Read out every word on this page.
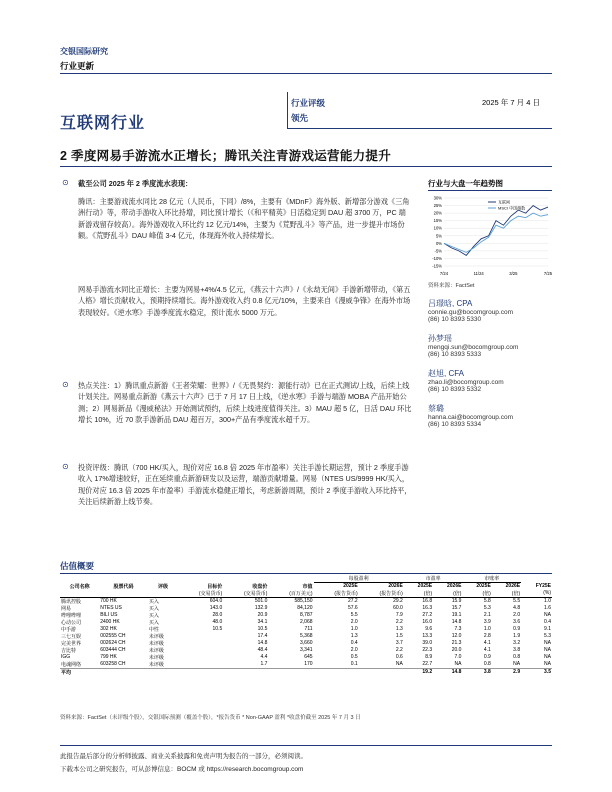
交银国际研究
行业更新
互联网行业
行业评级
领先
2025 年 7 月 4 日
2 季度网易手游流水正增长；腾讯关注青游戏运营能力提升
⊙ 截至公司 2025 年 2 季度流水表现：
腾讯：主要游戏流水同比 28 亿元（人民币，下同）/8%，主要有《MDnF》海外版、新增部分游戏《三角洲行动》等，带动手游收入环比持增，同比预计增长（《和平精英》日活稳定到 DAU 超 3700 万，PC 端新游戏留存较高）。海外游戏收入环比约 12 亿元/14%，主要为《荒野乱斗》等产品，进一步提升市场份额。《荒野乱斗》DAU 峰值 3-4 亿元，体现海外收入持续增长。
网易手游流水同比正增长：主要为网易+4%/4.5 亿元，《燕云十六声》/《永劫无间》手游新增带动，《第五人格》增长贡献收入，预期持续增长。海外游戏收入约 0.8 亿元/10%，主要来自《漫威争锋》在海外市场表现较好。《逆水寒》手游季度流水稳定，预计流水 5000 万元。
⊙ 热点关注：1）腾讯重点新游《王者荣耀：世界》/《无畏契约：源能行动》已在正式测试/上线，后续上线计划关注。网易重点新游《燕云十六声》已于 7 月 17 日上线，《逆水寒》手游与端游 MOBA 产品开始公测；2）网易新品《漫威秘法》开始测试预约，后续上线进度值得关注。3）MAU 超 5 亿，日活 DAU 环比增长 10%，近 70 款手游新品 DAU 超百万，300+产品有季度流水超千万。
⊙ 投资评级：腾讯（700 HK/买入，现价对应 16.8 倍 2025 年市盈率）关注手游长期运营，预计 2 季度手游收入 17%增速较好，正在延续重点新游研发以及运营，端游贡献增量。网易（NTES US/9999 HK/买入，现价对应 16.3 倍 2025 年市盈率）手游流水稳健正增长，考虑新游周期，预计 2 季度手游收入环比持平，关注后续新游上线节奏。
行业与大盘一年趋势图
30%
25%
20%
15%
10%
5%
0%
-5%
-10%
-15%
7/24	11/24	3/25	7/25
互联网
MSCI 中国指数
资料来源：FactSet
吕璟晗, CPA
connie.gu@bocomgroup.com
(86) 10 8393 5330
孙梦瑶
mengqi.sun@bocomgroup.com
(86) 10 8393 5333
赵旭, CFA
zhao.li@bocomgroup.com
(86) 10 8393 5332
蔡璐
hanna.cai@bocomgroup.com
(86) 10 8393 5334
估值概要
						每股盈利		市盈率		市账率		
公司名称	股票代码	评级	目标价	收盘价	市值	2025E	2026E	2025E	2026E	2025E	2026E	FY25E
			(交易货币)	(交易货币)	(百万美元)	(报告货币)	(报告货币)	(倍)	(倍)	(倍)	(倍)	(%)
腾讯控股	700 HK	买入	604.0	501.0	585,150	27.2	29.2	16.8	15.9	5.8	5.5	1.0
网易	NTES US	买入	143.0	132.9	84,120	57.6	60.0	16.3	15.7	5.3	4.8	1.6
哔哩哔哩	BILI US	买入	28.0	20.9	8,787	5.5	7.9	27.2	19.1	2.1	2.0	NA
心动公司	2400 HK	买入	48.0	34.1	2,068	2.0	2.2	16.0	14.8	3.9	3.6	0.4
中手游	302 HK	中性	10.5	10.5	711	1.0	1.3	9.6	7.3	1.0	0.9	9.1
三七互娱	002555 CH	未评级		17.4	5,368	1.3	1.5	13.3	12.0	2.8	1.9	5.3
完美世界	002624 CH	未评级		14.8	3,660	0.4	3.7	39.0	21.3	4.1	3.2	NA
吉比特	603444 CH	未评级		48.4	3,341	2.0	2.2	22.3	20.0	4.1	3.8	NA
IGG	799 HK	未评级		4.4	645	0.5	0.6	8.9	7.0	0.9	0.8	NA
电魂网络	603258 CH	未评级		1.7	170	0.1	NA	22.7	NA	0.8	NA	NA
平均								19.2	14.8	3.8	2.9	3.5
资料来源：FactSet（未评级个股），交银国际预测（覆盖个股），*报告货币 * Non-GAAP 盈利 *收盘价截至 2025 年 7 月 3 日
此报告最后部分的分析师披露、商业关系披露和免责声明为报告的一部分，必须阅读。
下载本公司之研究报告，可从彭博信息：BOCM 或 https://research.bocomgroup.com
